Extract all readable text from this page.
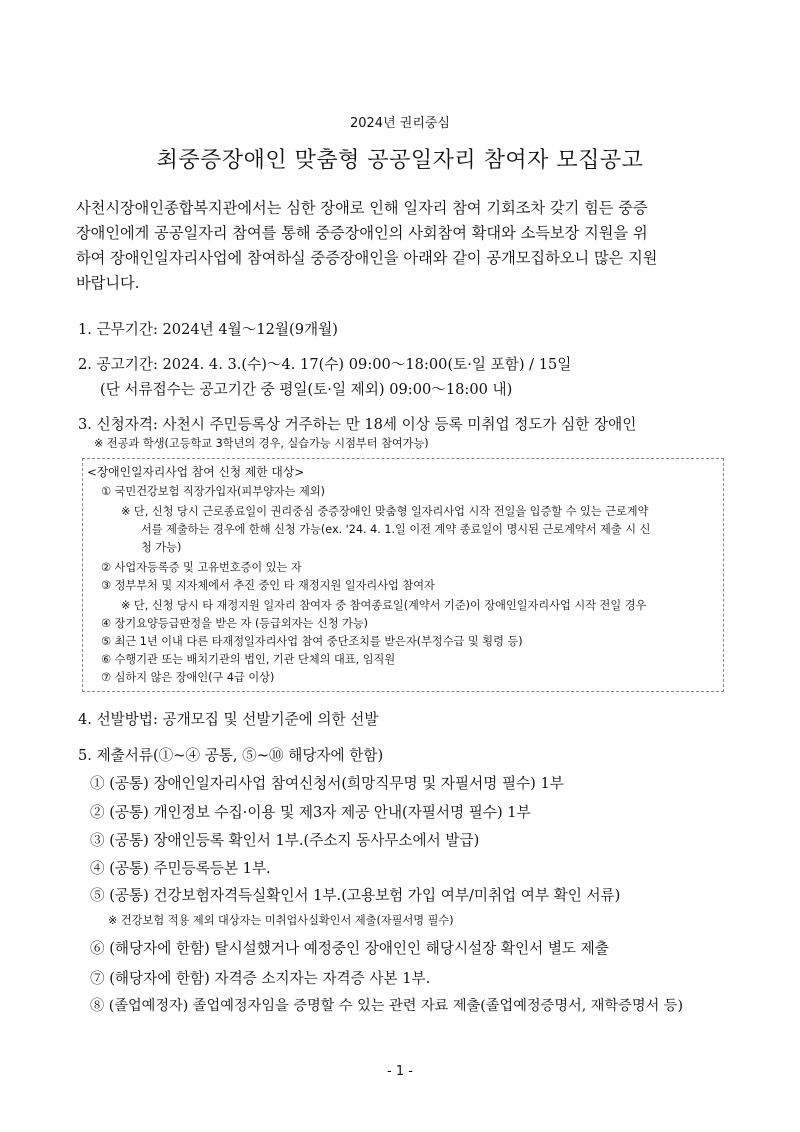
2024년 권리중심
최중증장애인 맞춤형 공공일자리 참여자 모집공고
사천시장애인종합복지관에서는 심한 장애로 인해 일자리 참여 기회조차 갖기 힘든 중증
장애인에게 공공일자리 참여를 통해 중증장애인의 사회참여 확대와 소득보장 지원을 위
하여 장애인일자리사업에 참여하실 중증장애인을 아래와 같이 공개모집하오니 많은 지원
바랍니다.
1. 근무기간: 2024년 4월～12월(9개월)
2. 공고기간: 2024. 4. 3.(수)～4. 17(수) 09:00～18:00(토·일 포함) / 15일
(단 서류접수는 공고기간 중 평일(토·일 제외) 09:00～18:00 내)
3. 신청자격: 사천시 주민등록상 거주하는 만 18세 이상 등록 미취업 정도가 심한 장애인
※ 전공과 학생(고등학교 3학년의 경우, 실습가능 시점부터 참여가능)
<장애인일자리사업 참여 신청 제한 대상>
① 국민건강보험 직장가입자(피부양자는 제외)
※ 단, 신청 당시 근로종료일이 권리중심 중증장애인 맞춤형 일자리사업 시작 전일을 입증할 수 있는 근로계약
서를 제출하는 경우에 한해 신청 가능(ex. '24. 4. 1.일 이전 계약 종료일이 명시된 근로계약서 제출 시 신
청 가능)
② 사업자등록증 및 고유번호증이 있는 자
③ 정부부처 및 지자체에서 추진 중인 타 재정지원 일자리사업 참여자
※ 단, 신청 당시 타 재정지원 일자리 참여자 중 참여종료일(계약서 기준)이 장애인일자리사업 시작 전일 경우
④ 장기요양등급판정을 받은 자 (등급외자는 신청 가능)
⑤ 최근 1년 이내 다른 타재정일자리사업 참여 중단조치를 받은자(부정수급 및 횡령 등)
⑥ 수행기관 또는 배치기관의 법인, 기관 단체의 대표, 임직원
⑦ 심하지 않은 장애인(구 4급 이상)
4. 선발방법: 공개모집 및 선발기준에 의한 선발
5. 제출서류(①~④ 공통, ⑤~⑩ 해당자에 한함)
① (공통) 장애인일자리사업 참여신청서(희망직무명 및 자필서명 필수) 1부
② (공통) 개인정보 수집·이용 및 제3자 제공 안내(자필서명 필수) 1부
③ (공통) 장애인등록 확인서 1부.(주소지 동사무소에서 발급)
④ (공통) 주민등록등본 1부.
⑤ (공통) 건강보험자격득실확인서 1부.(고용보험 가입 여부/미취업 여부 확인 서류)
※ 건강보험 적용 제외 대상자는 미취업사실확인서 제출(자필서명 필수)
⑥ (해당자에 한함) 탈시설했거나 예정중인 장애인인 해당시설장 확인서 별도 제출
⑦ (해당자에 한함) 자격증 소지자는 자격증 사본 1부.
⑧ (졸업예정자) 졸업예정자임을 증명할 수 있는 관련 자료 제출(졸업예정증명서, 재학증명서 등)
- 1 -
